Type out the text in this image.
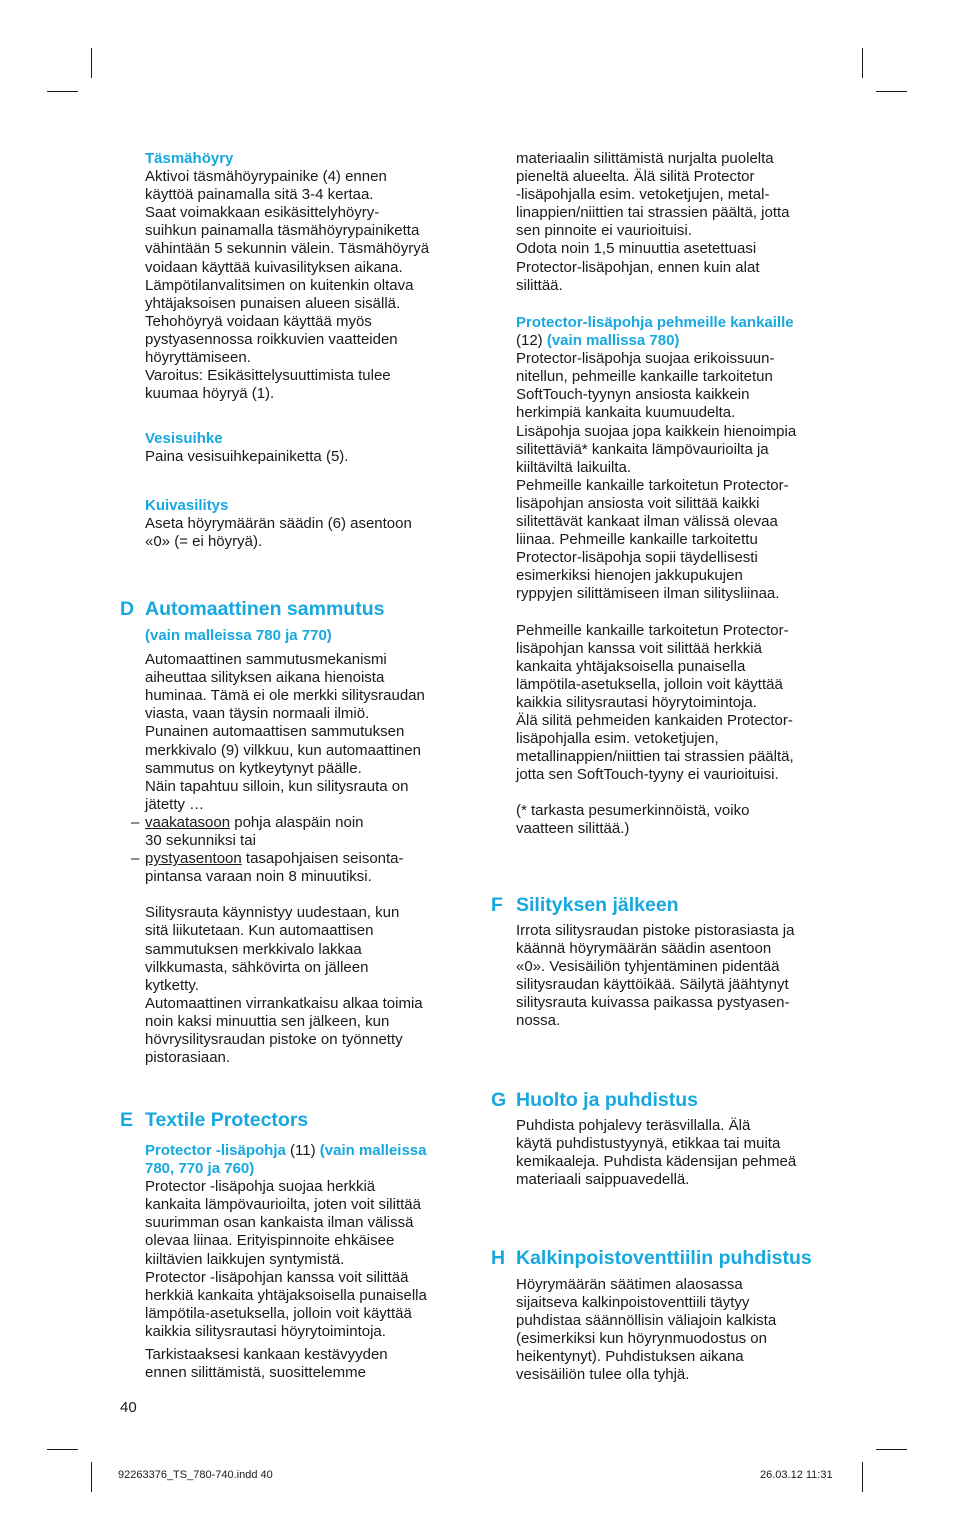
Täsmähöyry

Aktivoi täsmähöyrypainike (4) ennen
käyttöä painamalla sitä 3-4 kertaa.
Saat voimakkaan esikäsittelyhöyry-
suihkun painamalla täsmähöyrypainiketta
vähintään 5 sekunnin välein. Täsmähöyryä
voidaan käyttää kuivasilityksen aikana.
Lämpötilanvalitsimen on kuitenkin oltava
yhtäjaksoisen punaisen alueen sisällä.
Tehohöyryä voidaan käyttää myös
pystyasennossa roikkuvien vaatteiden
höyryttämiseen.
Varoitus: Esikäsittelysuuttimista tulee
kuumaa höyryä (1).

Vesisuihke

Paina vesisuihkepainiketta (5).

Kuivasilitys

Aseta höyrymäärän säädin (6) asentoon
«0» (= ei höyryä).
D Automaattinen sammutus

(vain malleissa 780 ja 770)

Automaattinen sammutusmekanismi
aiheuttaa silityksen aikana hienoista
huminaa. Tämä ei ole merkki silitysraudan
viasta, vaan täysin normaali ilmiö.
Punainen automaattisen sammutuksen
merkkivalo (9) vilkkuu, kun automaattinen
sammutus on kytkeytynyt päälle.
Näin tapahtuu silloin, kun silitysrauta on
jätetty …
– vaakatasoon pohja alaspäin noin
30 sekunniksi tai
– pystyasentoon tasapohjaisen seisonta-
pintansa varaan noin 8 minuutiksi.
Silitysrauta käynnistyy uudestaan, kun
sitä liikutetaan. Kun automaattisen
sammutuksen merkkivalo lakkaa
vilkkumasta, sähkövirta on jälleen
kytketty.
Automaattinen virrankatkaisu alkaa toimia
noin kaksi minuuttia sen jälkeen, kun
hövrysilitysraudan pistoke on työnnetty
pistorasiaan.
E Textile Protectors

Protector -lisäpohja (11) (vain malleissa
780, 770 ja 760)

Protector -lisäpohja suojaa herkkiä
kankaita lämpövaurioilta, joten voit silittää
suurimman osan kankaista ilman välissä
olevaa liinaa. Erityispinnoite ehkäisee
kiiltävien laikkujen syntymistä.
Protector -lisäpohjan kanssa voit silittää
herkkiä kankaita yhtäjaksoisella punaisella
lämpötila-asetuksella, jolloin voit käyttää
kaikkia silitysrautasi höyrytoimintoja.
Tarkistaaksesi kankaan kestävyyden
ennen silittämistä, suosittelemme
40
materiaalin silittämistä nurjalta puolelta
pieneltä alueelta. Älä silitä Protector
-lisäpohjalla esim. vetoketjujen, metal-
linappien/niittien tai strassien päältä, jotta
sen pinnoite ei vaurioituisi.
Odota noin 1,5 minuuttia asetettuasi
Protector-lisäpohjan, ennen kuin alat
silittää.

Protector-lisäpohja pehmeille kankaille

(12) (vain mallissa 780)

Protector-lisäpohja suojaa erikoissuun-
nitellun, pehmeille kankaille tarkoitetun
SoftTouch-tyynyn ansiosta kaikkein
herkimpiä kankaita kuumuudelta.
Lisäpohja suojaa jopa kaikkein hienoimpia
silitettäviä* kankaita lämpövaurioilta ja
kiiltäviltä laikuilta.
Pehmeille kankaille tarkoitetun Protector-
lisäpohjan ansiosta voit silittää kaikki
silitettävät kankaat ilman välissä olevaa
liinaa. Pehmeille kankaille tarkoitettu
Protector-lisäpohja sopii täydellisesti
esimerkiksi hienojen jakkupukujen
ryppyjen silittämiseen ilman silitysliinaa.
Pehmeille kankaille tarkoitetun Protector-
lisäpohjan kanssa voit silittää herkkiä
kankaita yhtäjaksoisella punaisella
lämpötila-asetuksella, jolloin voit käyttää
kaikkia silitysrautasi höyrytoimintoja.
Älä silitä pehmeiden kankaiden Protector-
lisäpohjalla esim. vetoketjujen,
metallinappien/niittien tai strassien päältä,
jotta sen SoftTouch-tyyny ei vaurioituisi.
(* tarkasta pesumerkinnöistä, voiko
vaatteen silittää.)
F Silityksen jälkeen
Irrota silitysraudan pistoke pistorasiasta ja
käännä höyrymäärän säädin asentoon
«0». Vesisäiliön tyhjentäminen pidentää
silitysraudan käyttöikää. Säilytä jäähtynyt
silitysrauta kuivassa paikassa pystyasen-
nossa.
G Huolto ja puhdistus
Puhdista pohjalevy teräsvillalla. Älä
käytä puhdistustyynyä, etikkaa tai muita
kemikaaleja. Puhdista kädensijan pehmeä
materiaali saippuavedellä.
H Kalkinpoistoventtiilin puhdistus
Höyrymäärän säätimen alaosassa
sijaitseva kalkinpoistoventtiili täytyy
puhdistaa säännöllisin väliajoin kalkista
(esimerkiksi kun höyrynmuodostus on
heikentynyt). Puhdistuksen aikana
vesisäiliön tulee olla tyhjä.
92263376_TS_780-740.indd 40	26.03.12 11:31
